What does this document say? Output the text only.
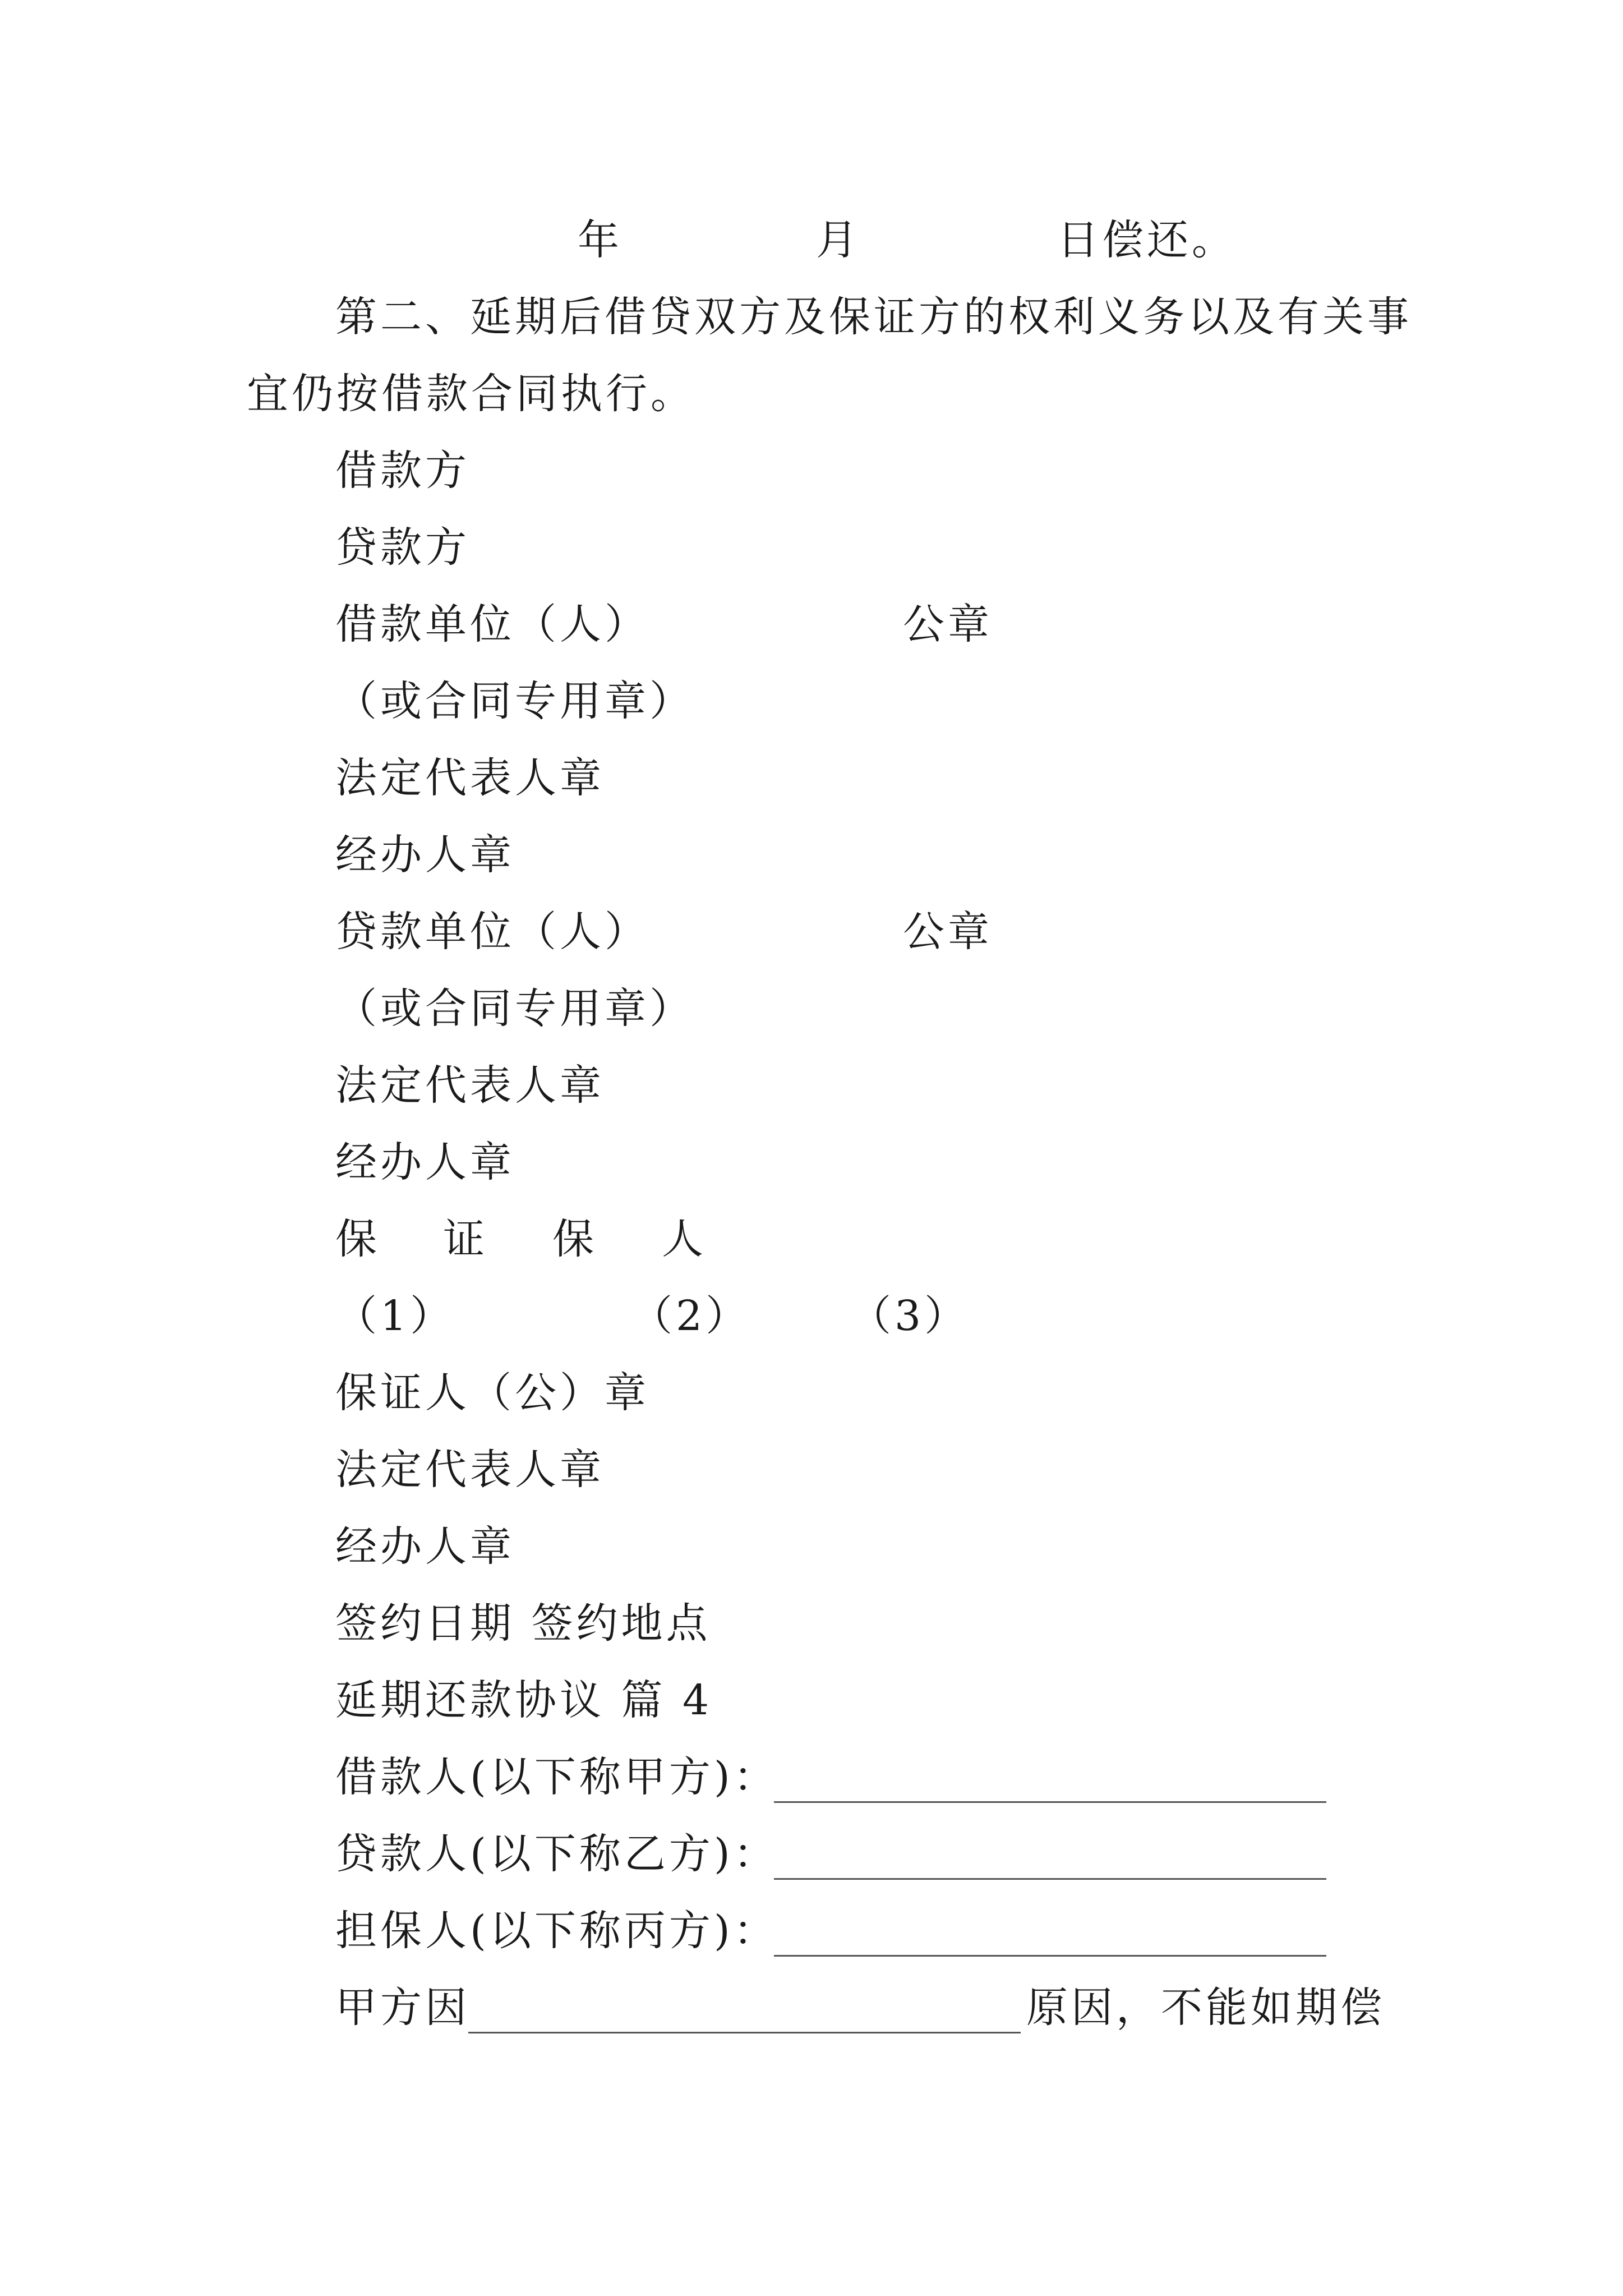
年	月	日偿还。
第二、延期后借贷双方及保证方的权利义务以及有关事
宜仍按借款合同执行。
借款方
贷款方
借款单位（人）	公章
（或合同专用章）
法定代表人章
经办人章
贷款单位（人）	公章
（或合同专用章）
法定代表人章
经办人章
保 证 保 人
（1）	（2） （3）
保证人（公）章
法定代表人章
经办人章
签约日期 签约地点
延期还款协议 篇 4
借款人(以下称甲方)：
贷款人(以下称乙方)：
担保人(以下称丙方)：
甲方因	原因，不能如期偿
